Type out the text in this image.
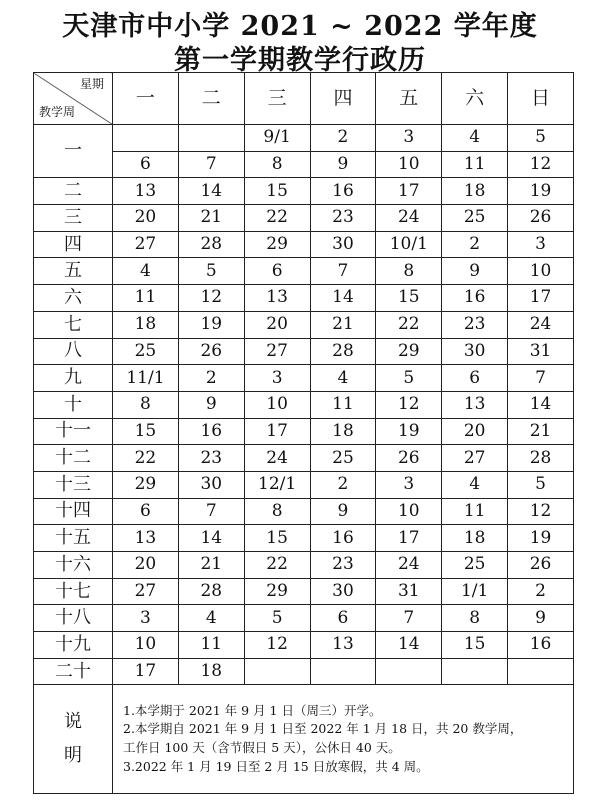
天津市中小学 2021 ~ 2022 学年度
第一学期教学行政历
星期
教学周	一	二	三	四	五	六	日
一			9/1	2	3	4	5
	6	7	8	9	10	11	12
二	13	14	15	16	17	18	19
三	20	21	22	23	24	25	26
四	27	28	29	30	10/1	2	3
五	4	5	6	7	8	9	10
六	11	12	13	14	15	16	17
七	18	19	20	21	22	23	24
八	25	26	27	28	29	30	31
九	11/1	2	3	4	5	6	7
十	8	9	10	11	12	13	14
十一	15	16	17	18	19	20	21
十二	22	23	24	25	26	27	28
十三	29	30	12/1	2	3	4	5
十四	6	7	8	9	10	11	12
十五	13	14	15	16	17	18	19
十六	20	21	22	23	24	25	26
十七	27	28	29	30	31	1/1	2
十八	3	4	5	6	7	8	9
十九	10	11	12	13	14	15	16
二十	17	18					
说
明	1.本学期于 2021 年 9 月 1 日（周三）开学。
2.本学期自 2021 年 9 月 1 日至 2022 年 1 月 18 日，共 20 教学周，
工作日 100 天（含节假日 5 天），公休日 40 天。
3.2022 年 1 月 19 日至 2 月 15 日放寒假，共 4 周。						
